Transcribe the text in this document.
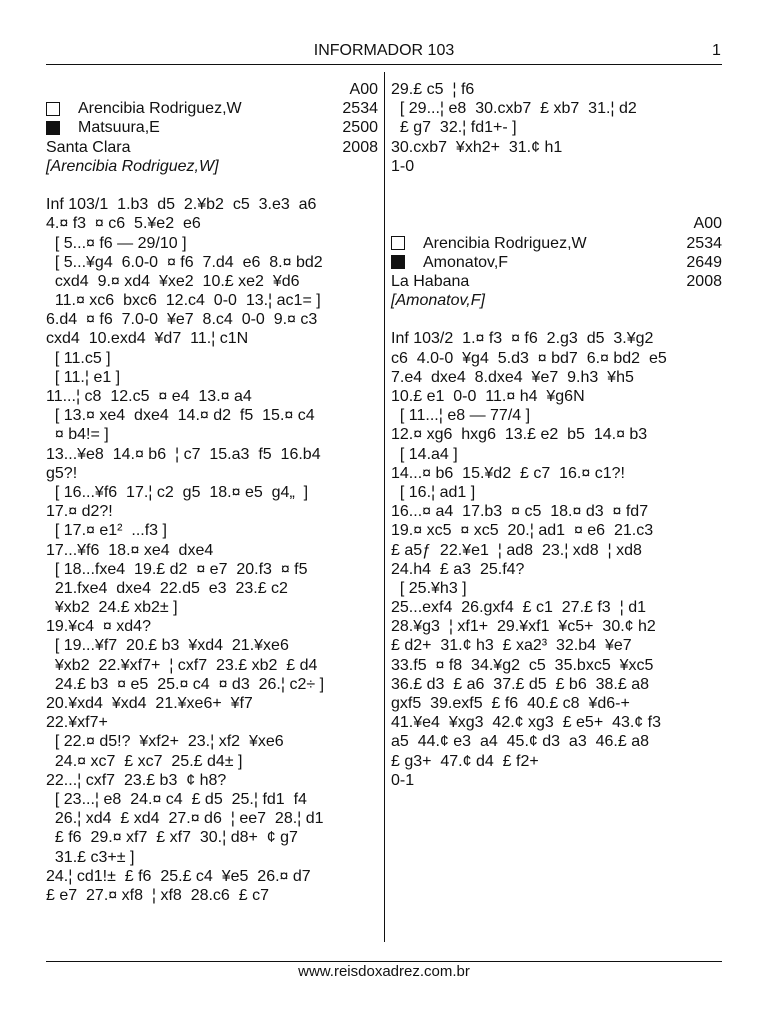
INFORMADOR 103	1
A00
Arencibia Rodriguez,W	2534
Matsuura,E	2500
Santa Clara	2008
[Arencibia Rodriguez,W]
Inf 103/1  1.b3  d5  2.¥b2  c5  3.e3  a6
4.¤ f3  ¤ c6  5.¥e2  e6
[ 5...¤ f6 — 29/10 ]
[ 5...¥g4  6.0-0  ¤ f6  7.d4  e6  8.¤ bd2
cxd4  9.¤ xd4  ¥xe2  10.£ xe2  ¥d6
11.¤ xc6  bxc6  12.c4  0-0  13.¦ ac1= ]
6.d4  ¤ f6  7.0-0  ¥e7  8.c4  0-0  9.¤ c3
cxd4  10.exd4  ¥d7  11.¦ c1N
[ 11.c5 ]
[ 11.¦ e1 ]
11...¦ c8  12.c5  ¤ e4  13.¤ a4
[ 13.¤ xe4  dxe4  14.¤ d2  f5  15.¤ c4
¤ b4!= ]
13...¥e8  14.¤ b6  ¦ c7  15.a3  f5  16.b4
g5?!
[ 16...¥f6  17.¦ c2  g5  18.¤ e5  g4„  ]
17.¤ d2?!
[ 17.¤ e1²  ...f3 ]
17...¥f6  18.¤ xe4  dxe4
[ 18...fxe4  19.£ d2  ¤ e7  20.f3  ¤ f5
21.fxe4  dxe4  22.d5  e3  23.£ c2
¥xb2  24.£ xb2± ]
19.¥c4  ¤ xd4?
[ 19...¥f7  20.£ b3  ¥xd4  21.¥xe6
¥xb2  22.¥xf7+  ¦ cxf7  23.£ xb2  £ d4
24.£ b3  ¤ e5  25.¤ c4  ¤ d3  26.¦ c2÷ ]
20.¥xd4  ¥xd4  21.¥xe6+  ¥f7
22.¥xf7+
[ 22.¤ d5!?  ¥xf2+  23.¦ xf2  ¥xe6
24.¤ xc7  £ xc7  25.£ d4± ]
22...¦ cxf7  23.£ b3  ¢ h8?
[ 23...¦ e8  24.¤ c4  £ d5  25.¦ fd1  f4
26.¦ xd4  £ xd4  27.¤ d6  ¦ ee7  28.¦ d1
£ f6  29.¤ xf7  £ xf7  30.¦ d8+  ¢ g7
31.£ c3+± ]
24.¦ cd1!±  £ f6  25.£ c4  ¥e5  26.¤ d7
£ e7  27.¤ xf8  ¦ xf8  28.c6  £ c7
29.£ c5  ¦ f6
[ 29...¦ e8  30.cxb7  £ xb7  31.¦ d2
£ g7  32.¦ fd1+- ]
30.cxb7  ¥xh2+  31.¢ h1
1-0
A00
Arencibia Rodriguez,W	2534
Amonatov,F	2649
La Habana	2008
[Amonatov,F]
Inf 103/2  1.¤ f3  ¤ f6  2.g3  d5  3.¥g2
c6  4.0-0  ¥g4  5.d3  ¤ bd7  6.¤ bd2  e5
7.e4  dxe4  8.dxe4  ¥e7  9.h3  ¥h5
10.£ e1  0-0  11.¤ h4  ¥g6N
[ 11...¦ e8 — 77/4 ]
12.¤ xg6  hxg6  13.£ e2  b5  14.¤ b3
[ 14.a4 ]
14...¤ b6  15.¥d2  £ c7  16.¤ c1?!
[ 16.¦ ad1 ]
16...¤ a4  17.b3  ¤ c5  18.¤ d3  ¤ fd7
19.¤ xc5  ¤ xc5  20.¦ ad1  ¤ e6  21.c3
£ a5ƒ  22.¥e1  ¦ ad8  23.¦ xd8  ¦ xd8
24.h4  £ a3  25.f4?
[ 25.¥h3 ]
25...exf4  26.gxf4  £ c1  27.£ f3  ¦ d1
28.¥g3  ¦ xf1+  29.¥xf1  ¥c5+  30.¢ h2
£ d2+  31.¢ h3  £ xa2³  32.b4  ¥e7
33.f5  ¤ f8  34.¥g2  c5  35.bxc5  ¥xc5
36.£ d3  £ a6  37.£ d5  £ b6  38.£ a8
gxf5  39.exf5  £ f6  40.£ c8  ¥d6-+
41.¥e4  ¥xg3  42.¢ xg3  £ e5+  43.¢ f3
a5  44.¢ e3  a4  45.¢ d3  a3  46.£ a8
£ g3+  47.¢ d4  £ f2+
0-1
www.reisdoxadrez.com.br
